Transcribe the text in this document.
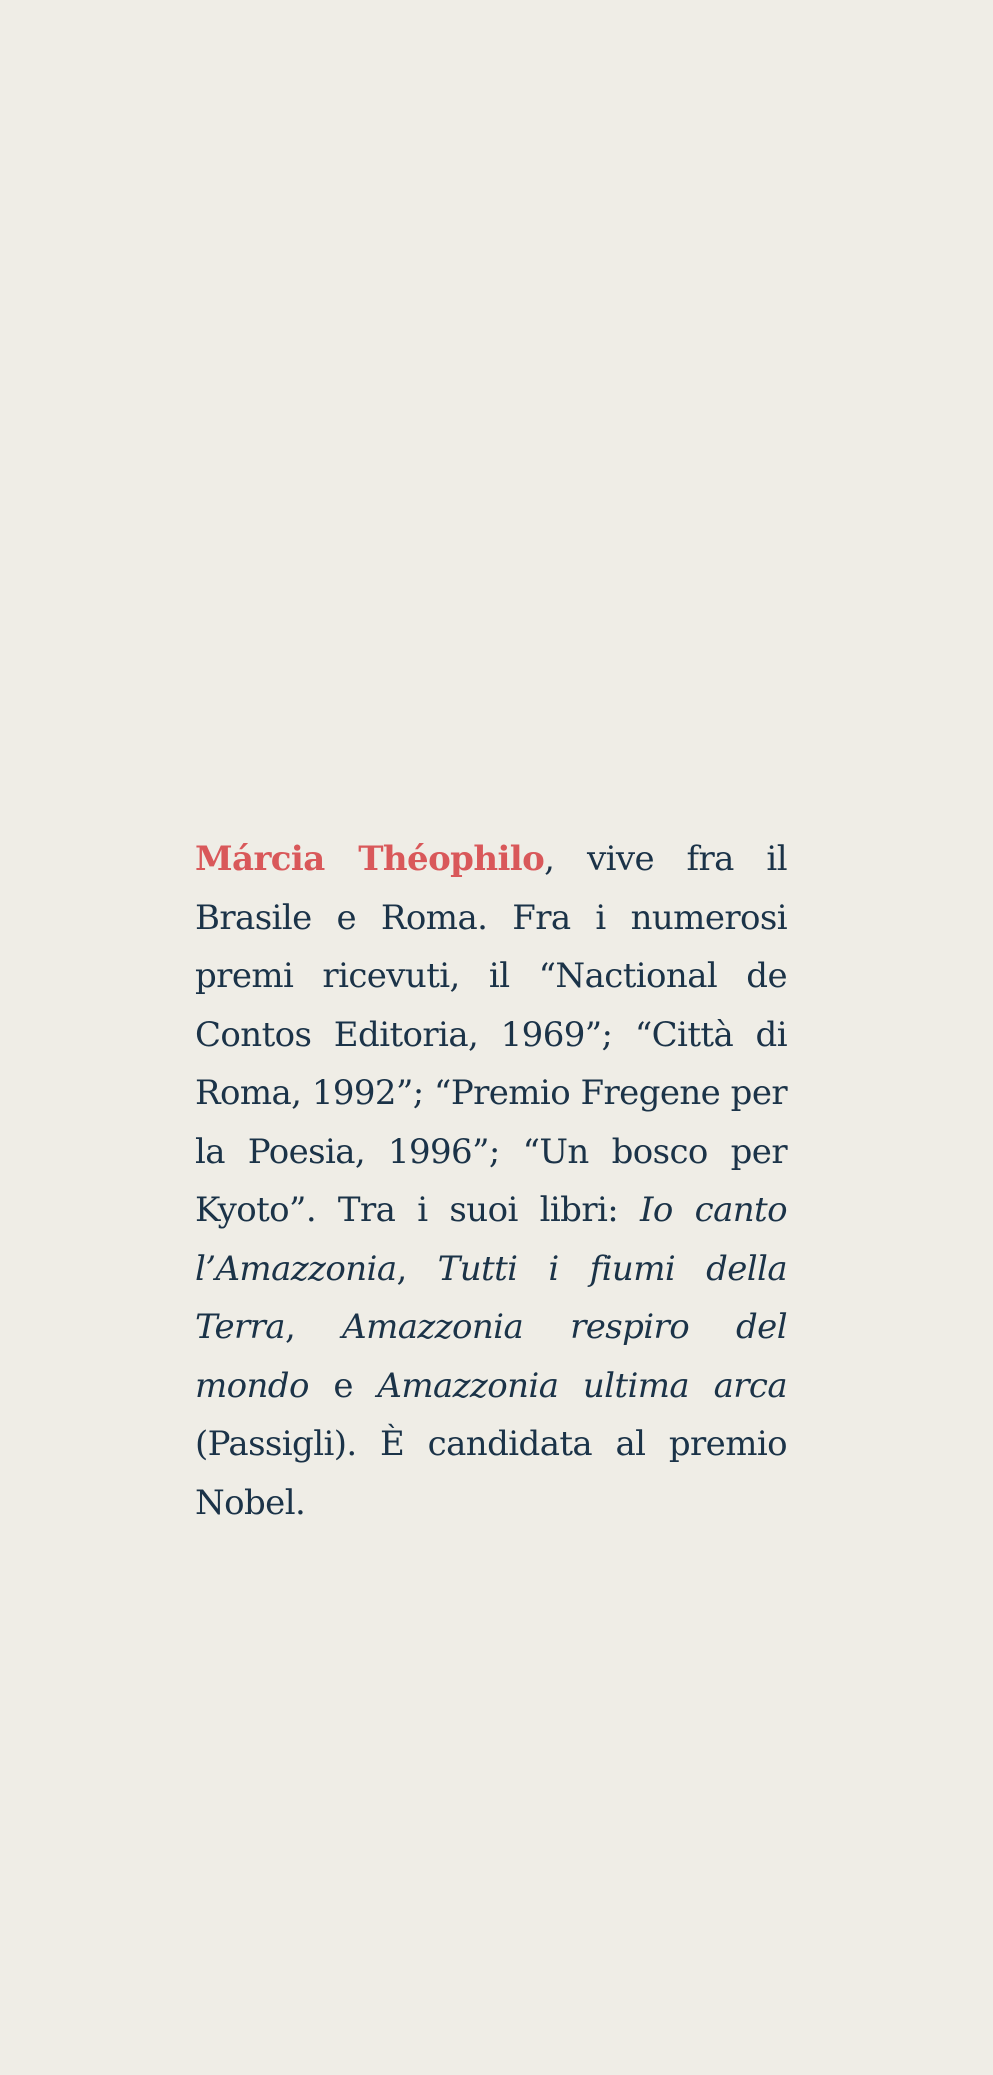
Márcia Théophilo, vive fra il Brasile e Roma. Fra i numerosi premi ricevuti, il “Nactional de Contos Editoria, 1969”; “Città di Roma, 1992”; “Premio Fregene per la Poesia, 1996”; “Un bosco per Kyoto”. Tra i suoi libri: Io canto l’Amazzonia, Tutti i fiumi della Terra, Amazzonia respiro del mondo e Amazzonia ultima arca (Passigli). È candidata al premio Nobel.
